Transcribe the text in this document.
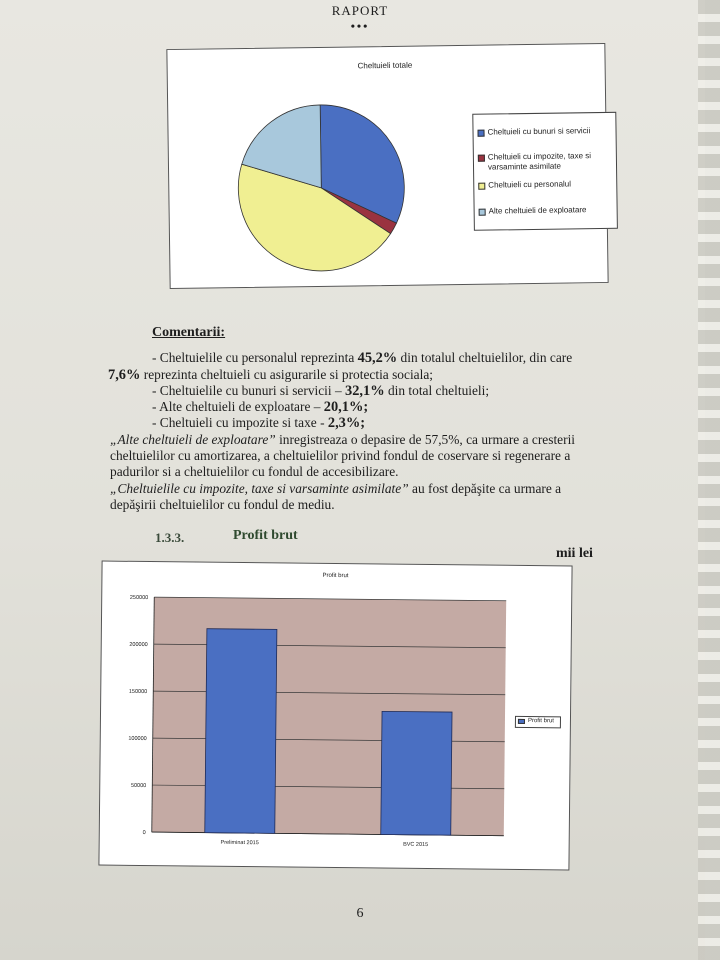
RAPORT
•••
Cheltuieli totale
Cheltuieli cu bunuri si servicii
Cheltuieli cu impozite, taxe si varsaminte asimilate
Cheltuieli cu personalul
Alte cheltuieli de exploatare
Comentarii:
- Cheltuielile cu personalul reprezinta 45,2% din totalul cheltuielilor, din care
7,6% reprezinta cheltuieli cu asigurarile si protectia sociala;
- Cheltuielile cu bunuri si servicii – 32,1% din total cheltuieli;
- Alte cheltuieli de exploatare – 20,1%;
- Cheltuieli cu impozite si taxe - 2,3%;
„Alte cheltuieli de exploatare” inregistreaza o depasire de 57,5%, ca urmare a cresterii
cheltuielilor cu amortizarea, a cheltuielilor privind fondul de coservare si regenerare a
padurilor si a cheltuielilor cu fondul de accesibilizare.
„Cheltuielile cu impozite, taxe si varsaminte asimilate” au fost depăşite ca urmare a
depăşirii cheltuielilor cu fondul de mediu.
1.3.3.	Profit brut
mii lei
Profit brut
0
50000
100000
150000
200000
250000
Preliminat 2015	BVC 2015
Profit brut
6
